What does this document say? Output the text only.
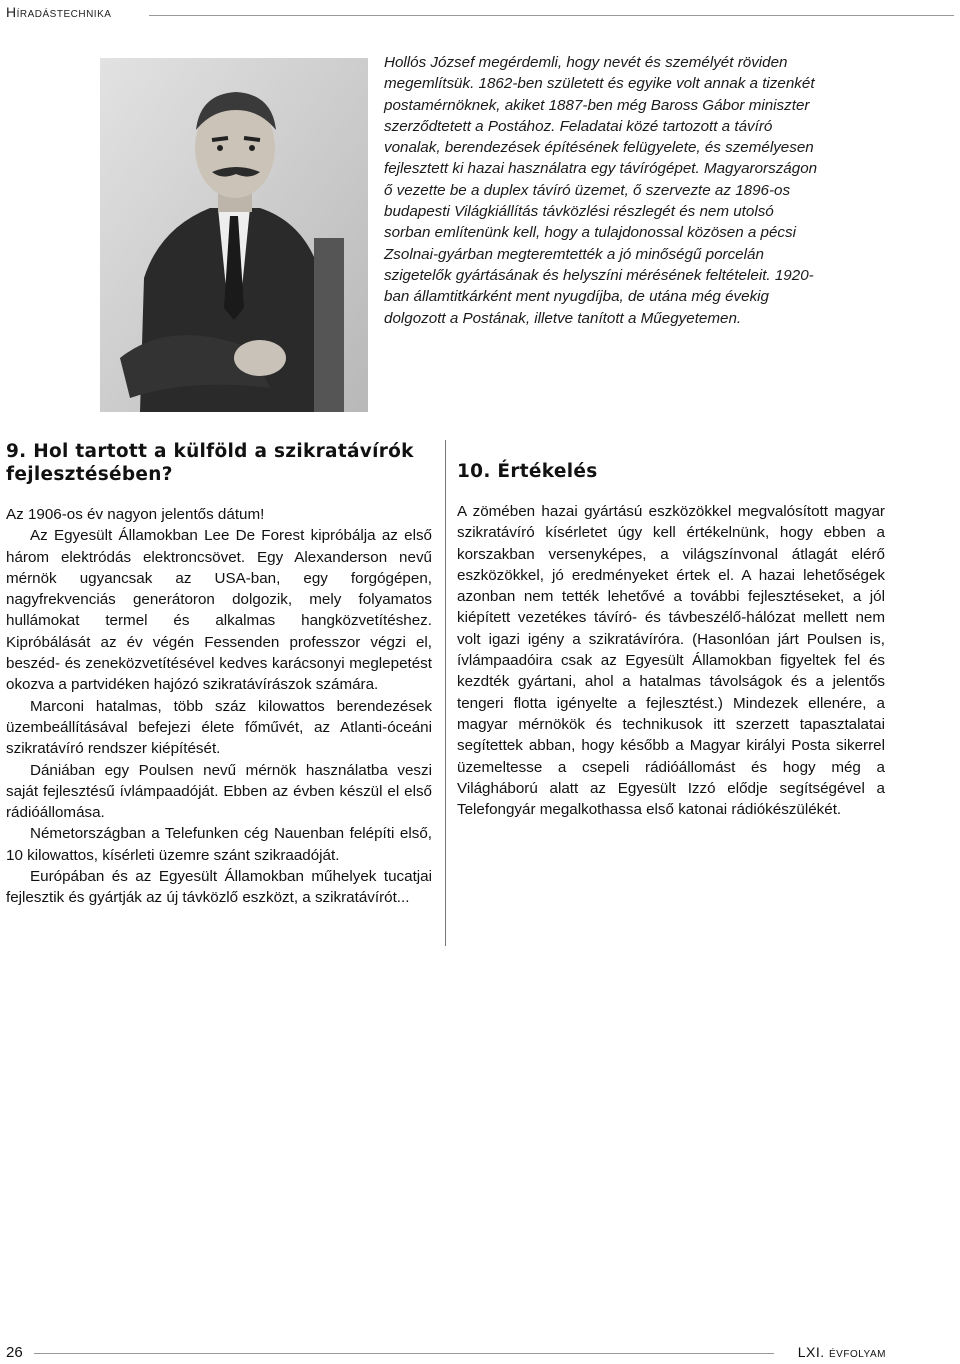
Híradástechnika

Hollós József megérdemli, hogy nevét és személyét röviden megemlítsük. 1862-ben született és egyike volt annak a tizenkét postamérnöknek, akiket 1887-ben még Baross Gábor miniszter szerződtetett a Postához. Feladatai közé tartozott a távíró vonalak, berendezések építésének felügyelete, és személyesen fejlesztett ki hazai használatra egy távírógépet. Magyarországon ő vezette be a duplex távíró üzemet, ő szervezte az 1896-os budapesti Világkiállítás távközlési részlegét és nem utolsó sorban említenünk kell, hogy a tulajdonossal közösen a pécsi Zsolnai-gyárban megteremtették a jó minőségű porcelán szigetelők gyártásának és helyszíni mérésének feltételeit. 1920-ban államtitkárként ment nyugdíjba, de utána még évekig dolgozott a Postának, illetve tanított a Műegyetemen.

9. Hol tartott a külföld a szikratávírók fejlesztésében?

Az 1906-os év nagyon jelentős dátum!

Az Egyesült Államokban Lee De Forest kipróbálja az első három elektródás elektroncsövet. Egy Alexanderson nevű mérnök ugyancsak az USA-ban, egy forgógépen, nagyfrekvenciás generátoron dolgozik, mely folyamatos hullámokat termel és alkalmas hangközvetítéshez. Kipróbálását az év végén Fessenden professzor végzi el, beszéd- és zeneközvetítésével kedves karácsonyi meglepetést okozva a partvidéken hajózó szikratávírászok számára.

Marconi hatalmas, több száz kilowattos berendezések üzembeállításával befejezi élete főművét, az Atlanti-óceáni szikratávíró rendszer kiépítését.

Dániában egy Poulsen nevű mérnök használatba veszi saját fejlesztésű ívlámpaadóját. Ebben az évben készül el első rádióállomása.

Németországban a Telefunken cég Nauenban felépíti első, 10 kilowattos, kísérleti üzemre szánt szikraadóját.

Európában és az Egyesült Államokban műhelyek tucatjai fejlesztik és gyártják az új távközlő eszközt, a szikratávírót...

10. Értékelés

A zömében hazai gyártású eszközökkel megvalósított magyar szikratávíró kísérletet úgy kell értékelnünk, hogy ebben a korszakban versenyképes, a világszínvonal átlagát elérő eszközökkel, jó eredményeket értek el. A hazai lehetőségek azonban nem tették lehetővé a további fejlesztéseket, a jól kiépített vezetékes távíró- és távbeszélő-hálózat mellett nem volt igazi igény a szikratávíróra. (Hasonlóan járt Poulsen is, ívlámpaadóira csak az Egyesült Államokban figyeltek fel és kezdték gyártani, ahol a hatalmas távolságok és a jelentős tengeri flotta igényelte a fejlesztést.) Mindezek ellenére, a magyar mérnökök és technikusok itt szerzett tapasztalatai segítettek abban, hogy később a Magyar királyi Posta sikerrel üzemeltesse a csepeli rádióállomást és hogy még a Világháború alatt az Egyesült Izzó elődje segítségével a Telefongyár megalkothassa első katonai rádiókészülékét.

26	LXI. évfolyam
